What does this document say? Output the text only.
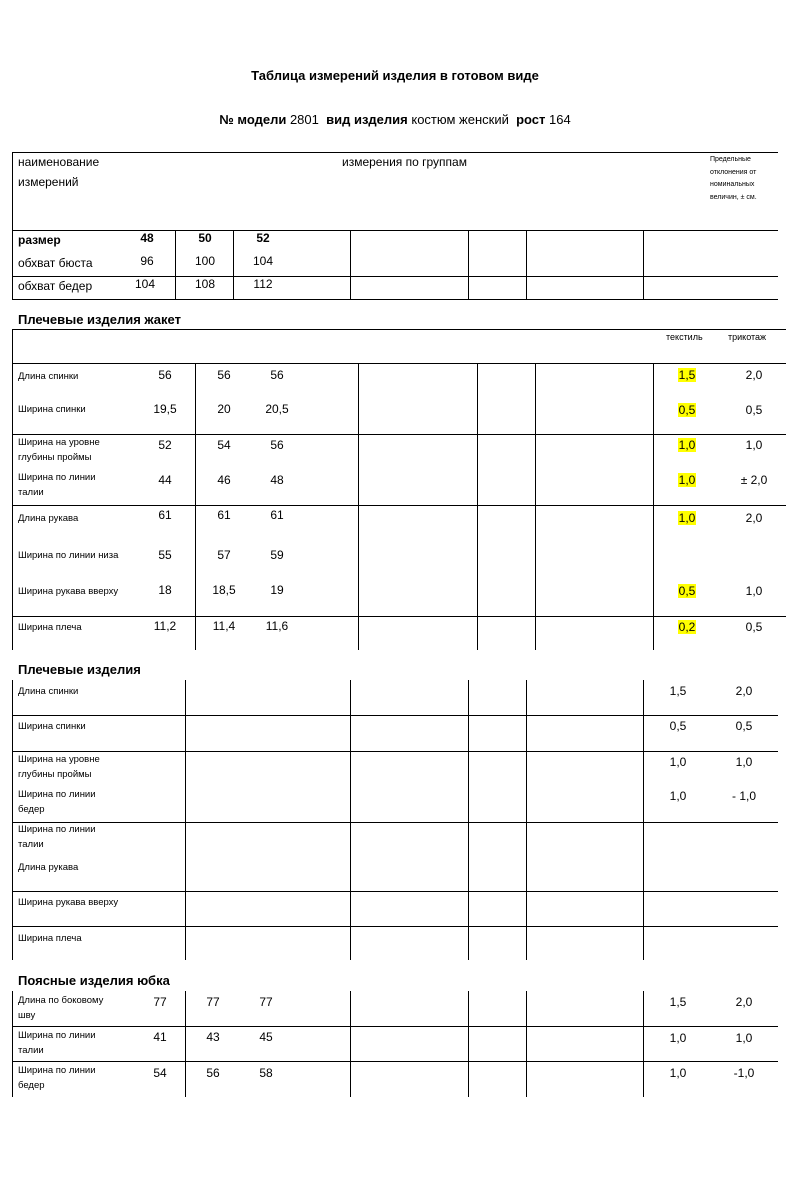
Таблица измерений изделия в готовом виде
№ модели 2801 вид изделия костюм женский рост 164
наименование
измерений
измерения по группам	Предельные
отклонения от
номинальных
величин, ± см.
размер	48	50	52
обхват бюста	96	100	104
обхват бедер	104	108	112
Плечевые изделия жакет
текстиль	трикотаж
Длина спинки	56	56	56	1,5	2,0
Ширина спинки	19,5	20	20,5	0,5	0,5
Ширина на уровне
глубины проймы
52	54	56	1,0	1,0
Ширина по линии
талии
44	46	48	1,0	± 2,0
Длина рукава	61	61	61	1,0	2,0
Ширина по линии низа	55	57	59
Ширина рукава вверху	18	18,5	19	0,5	1,0
Ширина плеча	11,2	11,4	11,6	0,2	0,5
Плечевые изделия
Длина спинки	1,5	2,0
Ширина спинки	0,5	0,5
Ширина на уровне
глубины проймы
1,0	1,0
Ширина по линии
бедер
1,0	- 1,0
Ширина по линии
талии
Длина рукава
Ширина рукава вверху
Ширина плеча
Поясные изделия юбка
Длина по боковому
шву
77	77	77	1,5	2,0
Ширина по линии
талии
41	43	45	1,0	1,0
Ширина по линии
бедер
54	56	58	1,0	-1,0
